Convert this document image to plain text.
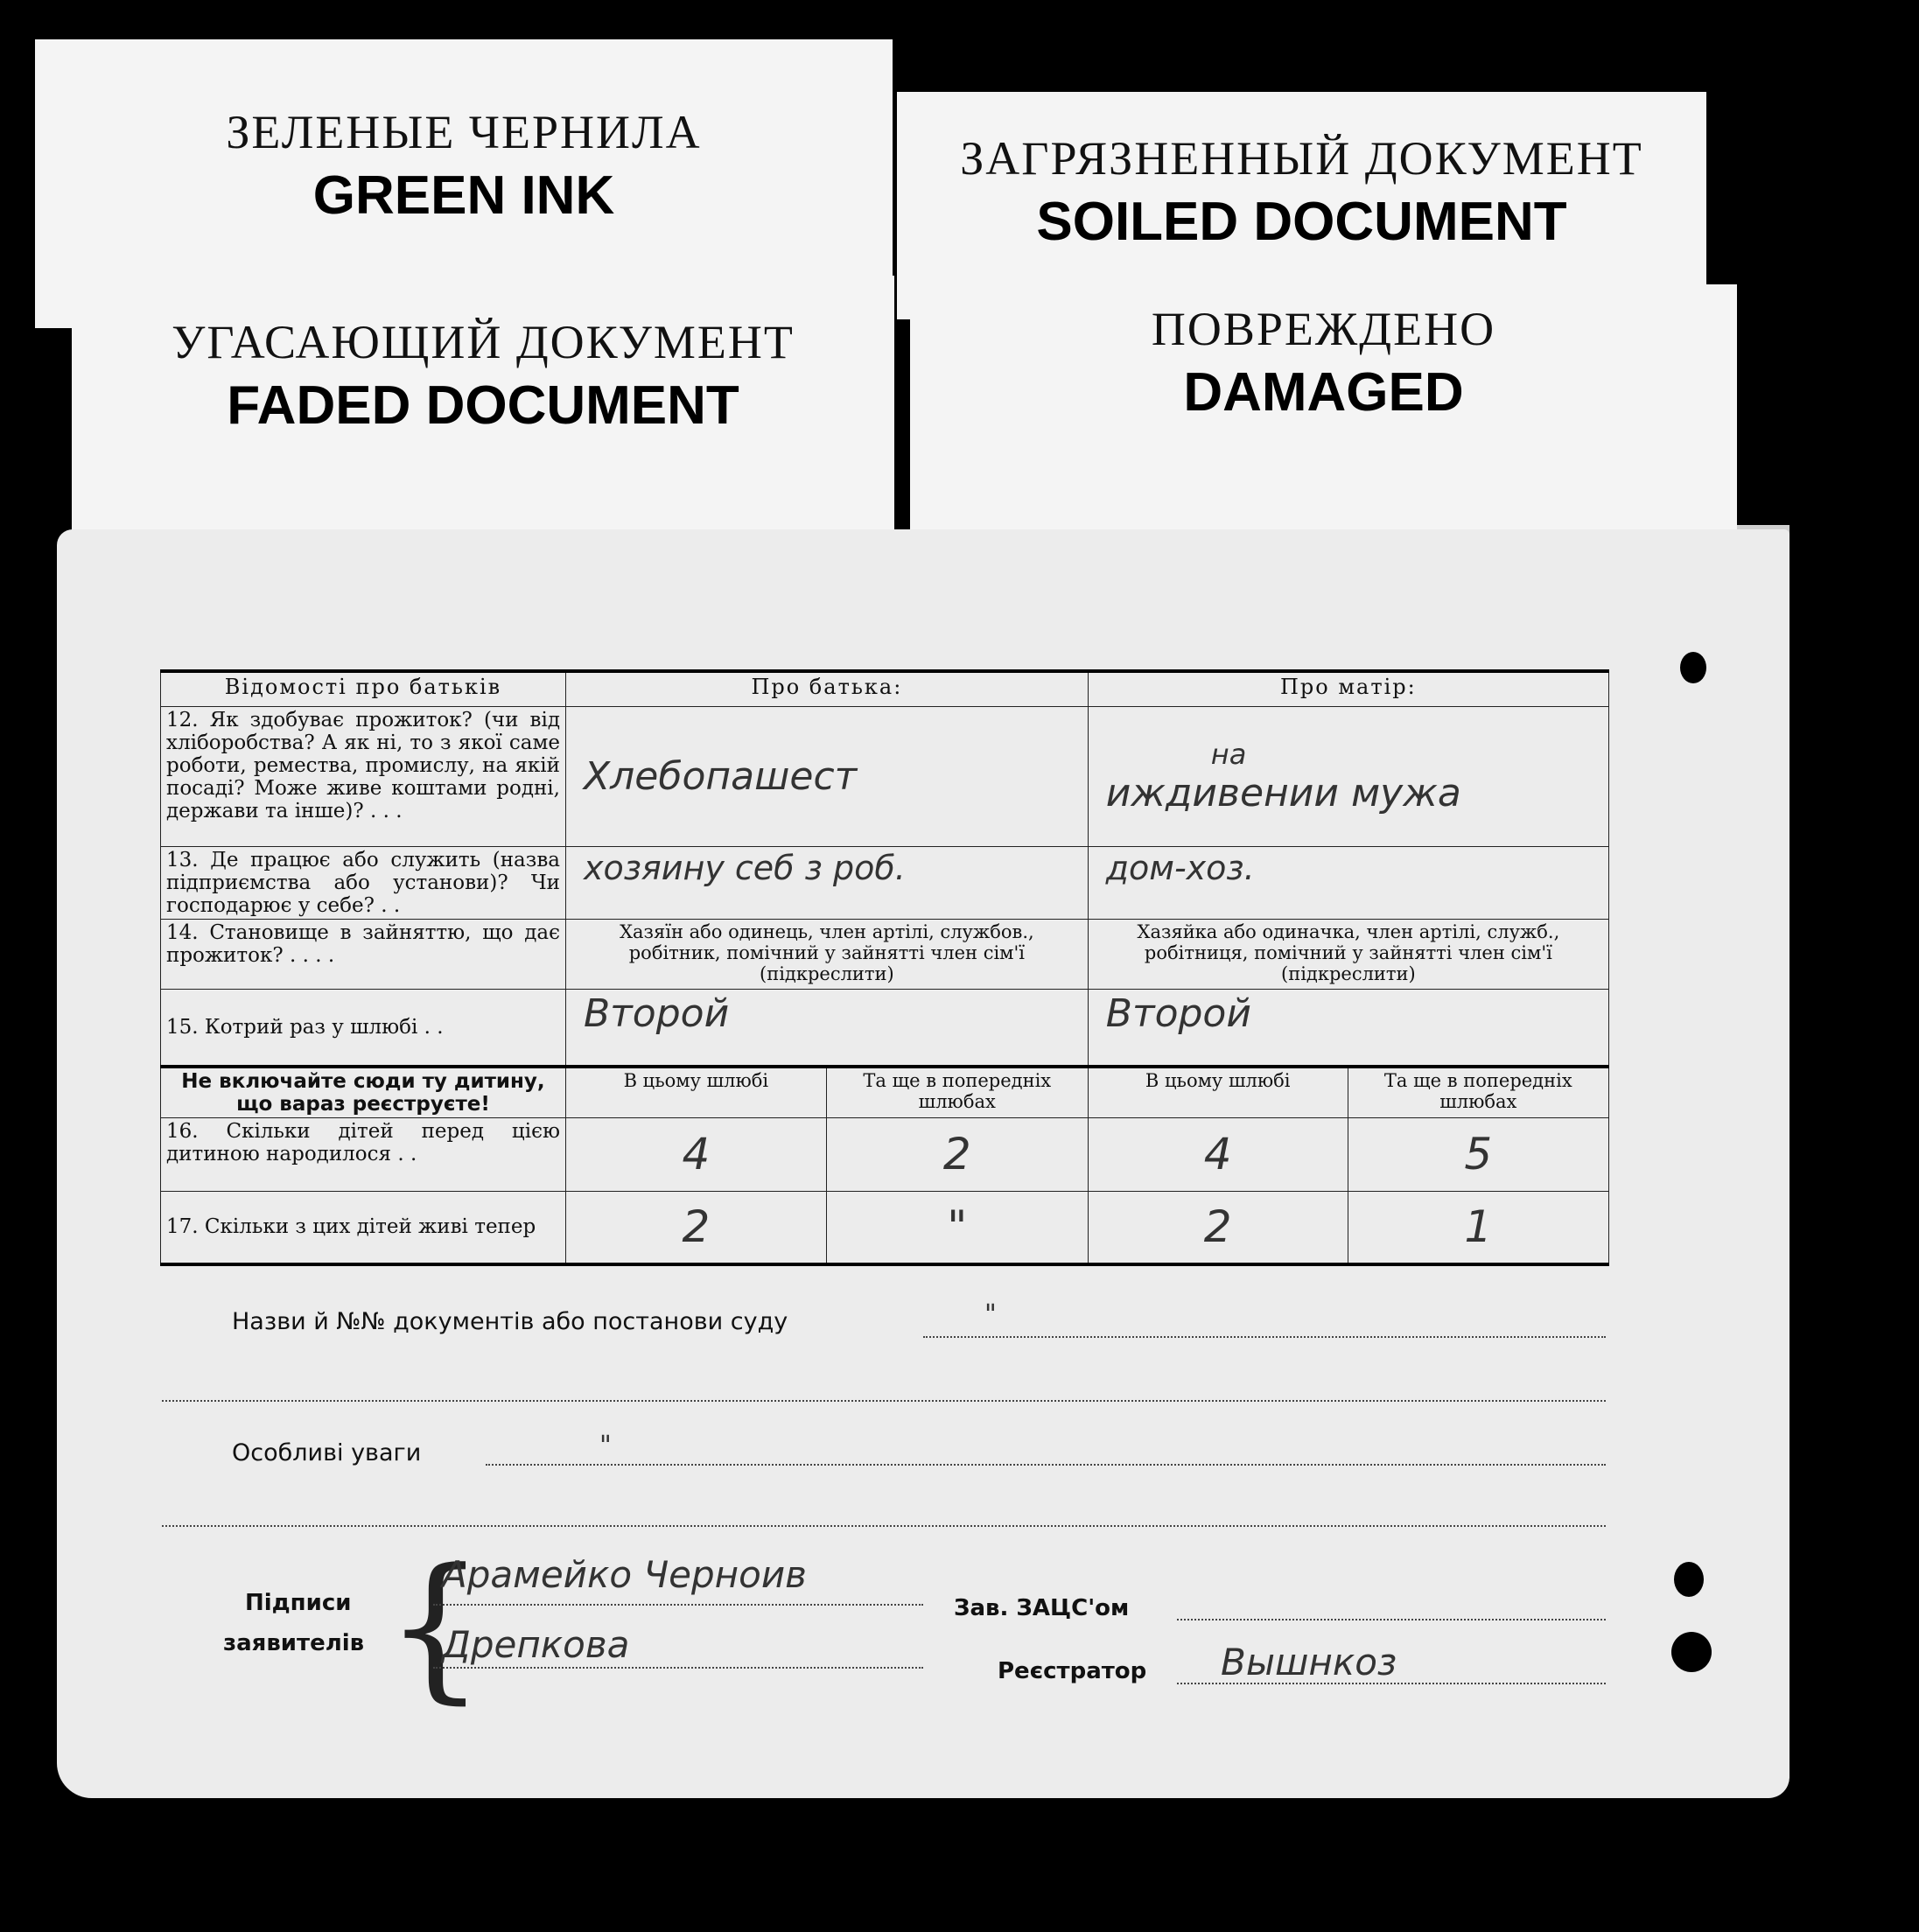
ЗЕЛЕНЫЕ ЧЕРНИЛА
GREEN INK
ЗАГРЯЗНЕННЫЙ ДОКУМЕНТ
SOILED DOCUMENT
УГАСАЮЩИЙ ДОКУМЕНТ
FADED DOCUMENT
ПОВРЕЖДЕНО
DAMAGED
Відомості про батьків	Про батька:		Про матір:	
12. Як здобуває прожиток? (чи від хліборобства? А як ні, то з якої саме роботи, ремества, промислу, на якій посаді? Може живе коштами родні, держави та інше)? . . .	Хлебопашест		на
иждивении мужа	

13. Де працює або служить (назва підприємства або установи)? Чи господарює у себе? . .	хозяину себ з роб.		дом-хоз.	
14. Становище в зайняттю, що дає прожиток? . . . .	Хазяїн або одинець, член артілі, службов., робітник, помічний у зайнятті член сім'ї (підкреслити)		Хазяйка або одиначка, член артілі, служб., робітниця, помічний у зайнятті член сім'ї (підкреслити)	
15. Котрий раз у шлюбі . .	Второй		Второй	
Не включайте сюди ту дитину, що вараз реєструєте!	В цьому шлюбі	Та ще в попередніх шлюбах	В цьому шлюбі	Та ще в попередніх шлюбах
16. Скільки дітей перед цією дитиною народилося . .	4	2	4	5
17. Скільки з цих дітей живі тепер	2	"	2	1
Назви й №№ документів або постанови суду	"
Особливі уваги	"
Підписи
заявителів {
Арамейко Черноив
Дрепкова
Зав. ЗАЦС'ом
Реєстратор Вышнкоз
